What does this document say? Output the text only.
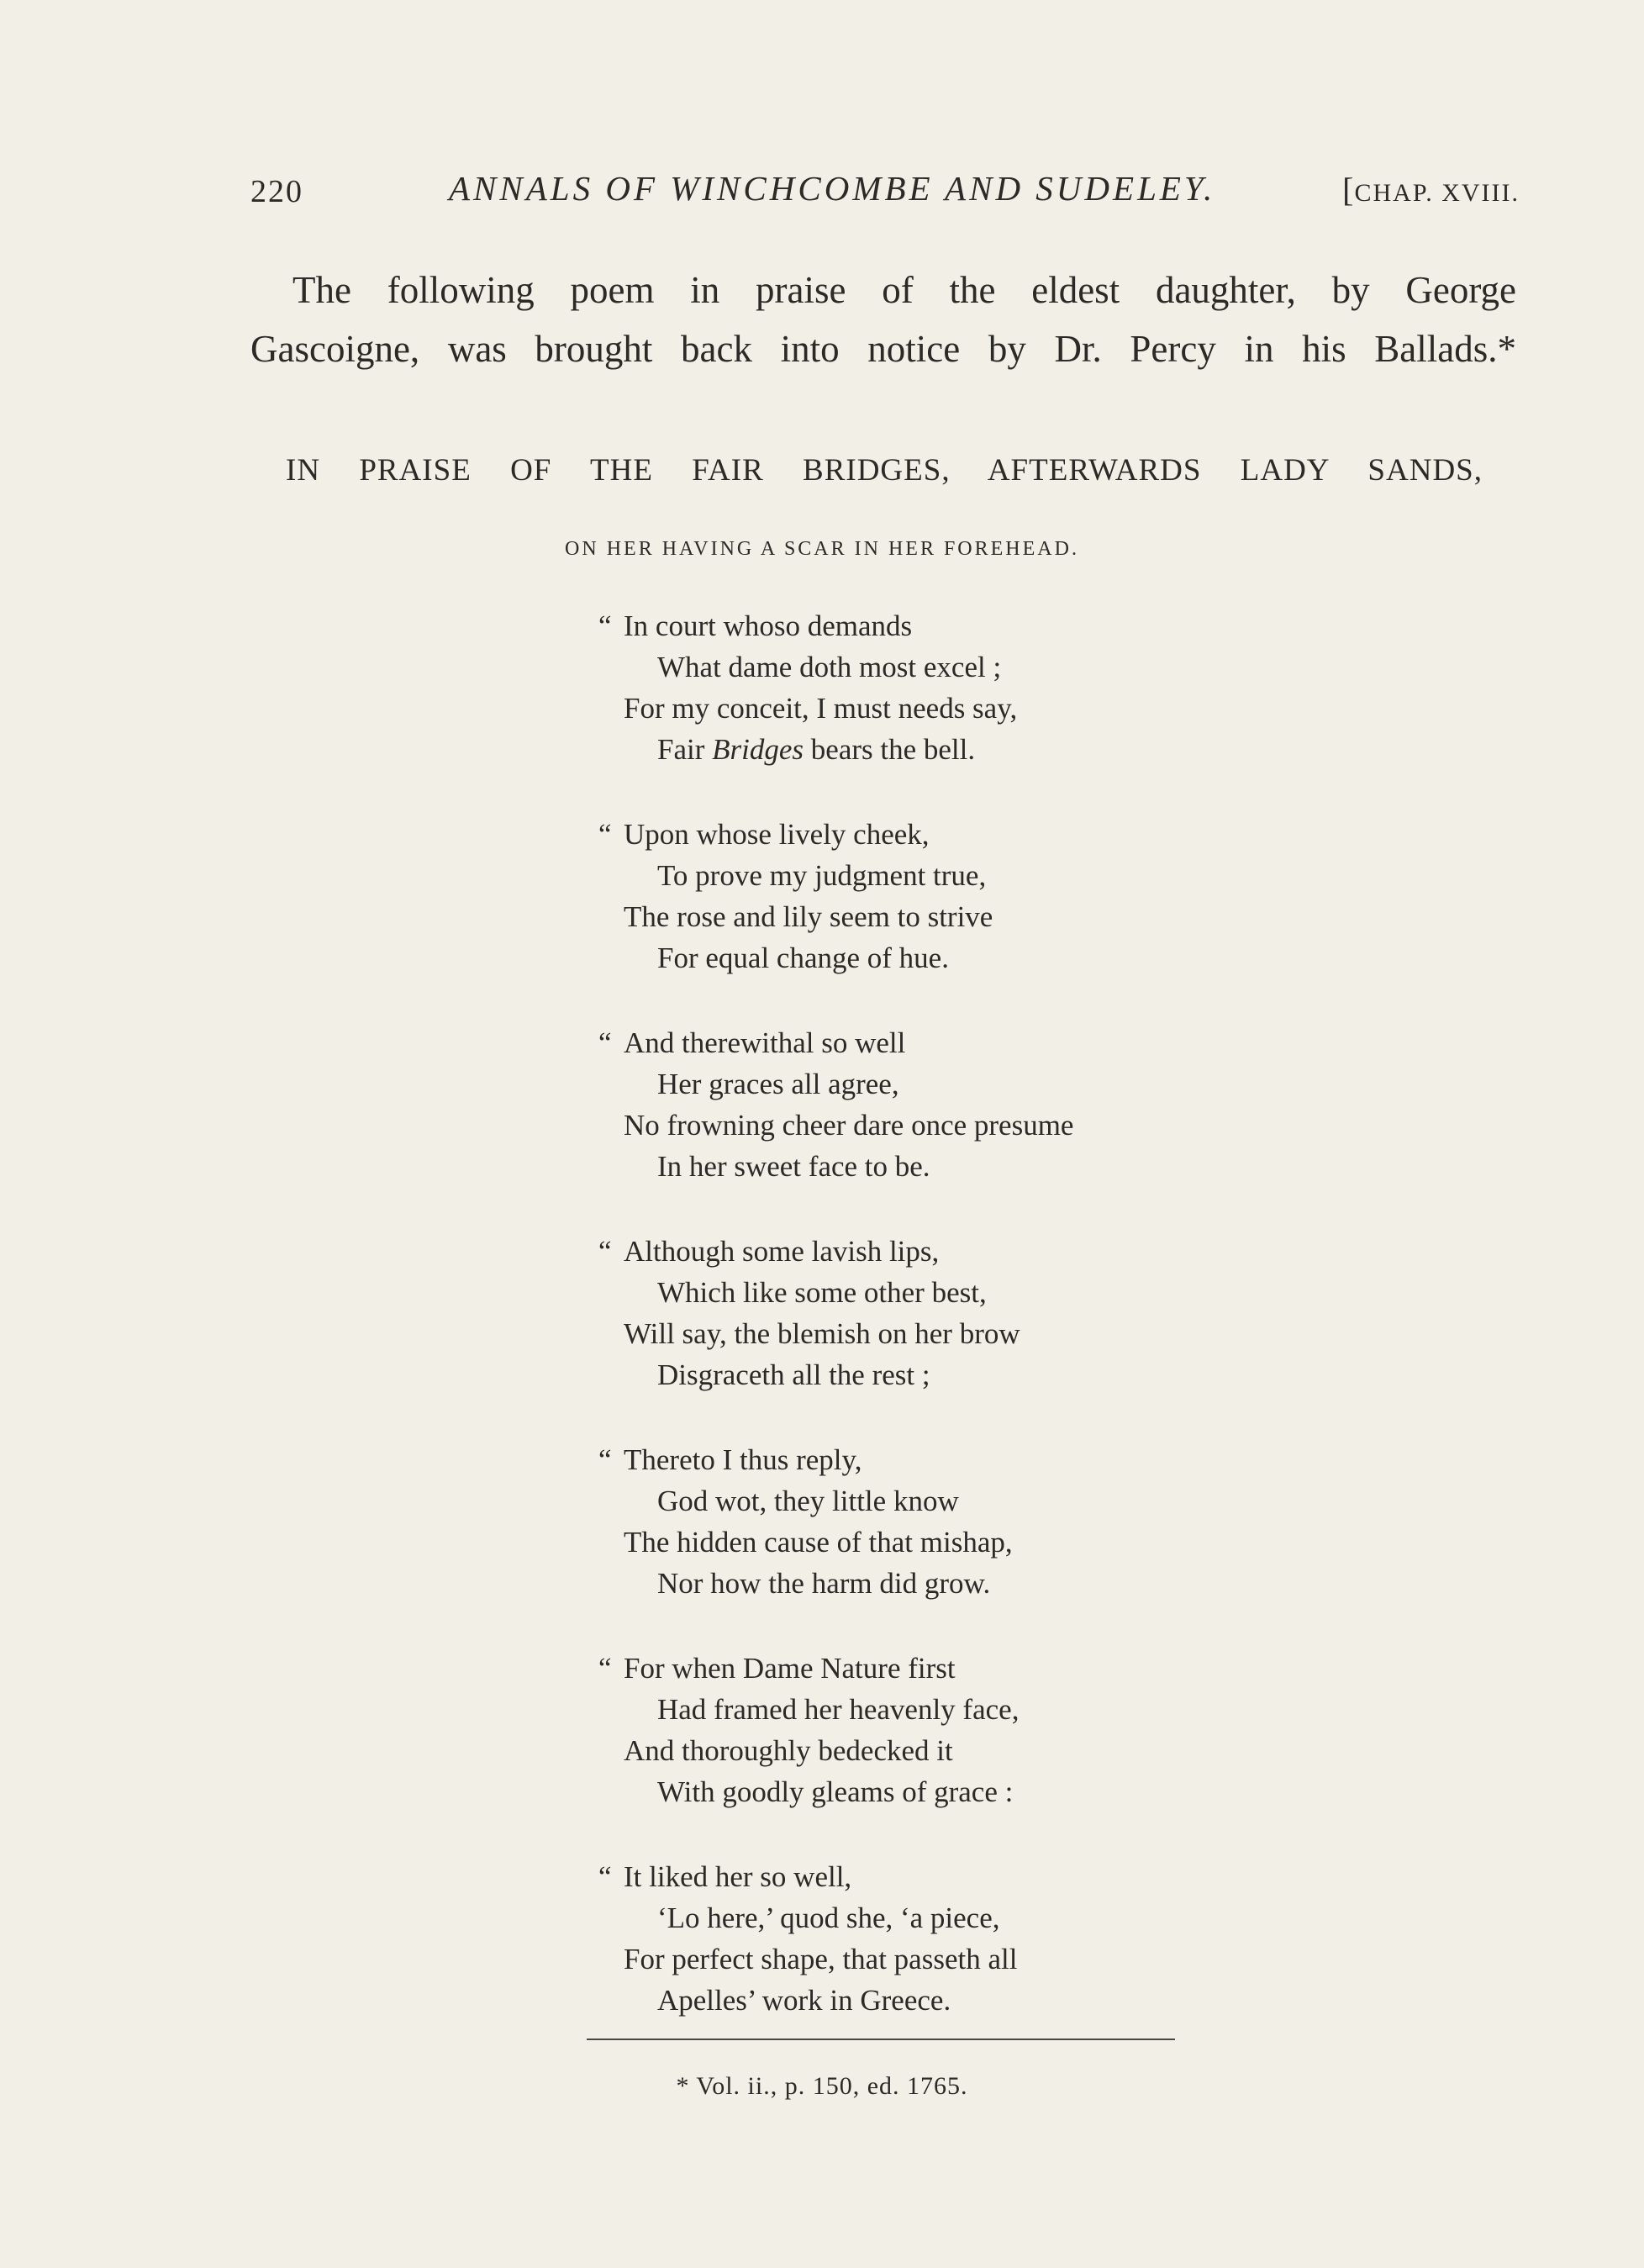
220	ANNALS OF WINCHCOMBE AND SUDELEY.	[CHAP. XVIII.
The following poem in praise of the eldest daughter, by George
Gascoigne, was brought back into notice by Dr. Percy in his Ballads.*
IN PRAISE OF THE FAIR BRIDGES, AFTERWARDS LADY SANDS,
ON HER HAVING A SCAR IN HER FOREHEAD.
“ In court whoso demands
What dame doth most excel ;
For my conceit, I must needs say,
Fair Bridges bears the bell.
“ Upon whose lively cheek,
To prove my judgment true,
The rose and lily seem to strive
For equal change of hue.
“ And therewithal so well
Her graces all agree,
No frowning cheer dare once presume
In her sweet face to be.
“ Although some lavish lips,
Which like some other best,
Will say, the blemish on her brow
Disgraceth all the rest ;
“ Thereto I thus reply,
God wot, they little know
The hidden cause of that mishap,
Nor how the harm did grow.
“ For when Dame Nature first
Had framed her heavenly face,
And thoroughly bedecked it
With goodly gleams of grace :
“ It liked her so well,
‘Lo here,’ quod she, ‘a piece,
For perfect shape, that passeth all
Apelles’ work in Greece.
* Vol. ii., p. 150, ed. 1765.
